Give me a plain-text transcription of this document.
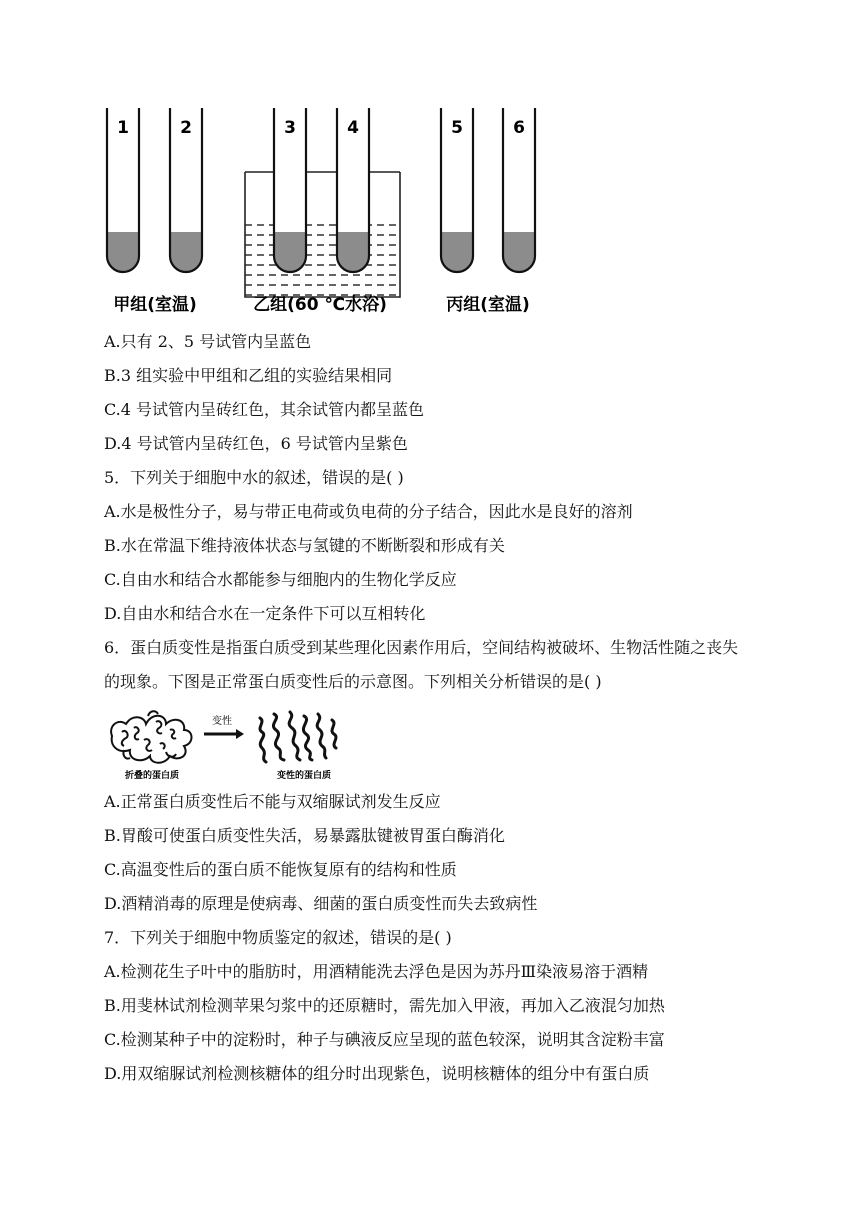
1	2	3	4	5	6
甲组(室温)	乙组(60 ℃水浴)	丙组(室温)
A.只有 2、5 号试管内呈蓝色
B.3 组实验中甲组和乙组的实验结果相同
C.4 号试管内呈砖红色，其余试管内都呈蓝色
D.4 号试管内呈砖红色，6 号试管内呈紫色
5．下列关于细胞中水的叙述，错误的是( )
A.水是极性分子，易与带正电荷或负电荷的分子结合，因此水是良好的溶剂
B.水在常温下维持液体状态与氢键的不断断裂和形成有关
C.自由水和结合水都能参与细胞内的生物化学反应
D.自由水和结合水在一定条件下可以互相转化
6．蛋白质变性是指蛋白质受到某些理化因素作用后，空间结构被破坏、生物活性随之丧失的现象。下图是正常蛋白质变性后的示意图。下列相关分析错误的是( )
变性
折叠的蛋白质	变性的蛋白质
A.正常蛋白质变性后不能与双缩脲试剂发生反应
B.胃酸可使蛋白质变性失活，易暴露肽键被胃蛋白酶消化
C.高温变性后的蛋白质不能恢复原有的结构和性质
D.酒精消毒的原理是使病毒、细菌的蛋白质变性而失去致病性
7．下列关于细胞中物质鉴定的叙述，错误的是( )
A.检测花生子叶中的脂肪时，用酒精能洗去浮色是因为苏丹Ⅲ染液易溶于酒精
B.用斐林试剂检测苹果匀浆中的还原糖时，需先加入甲液，再加入乙液混匀加热
C.检测某种子中的淀粉时，种子与碘液反应呈现的蓝色较深，说明其含淀粉丰富
D.用双缩脲试剂检测核糖体的组分时出现紫色，说明核糖体的组分中有蛋白质
